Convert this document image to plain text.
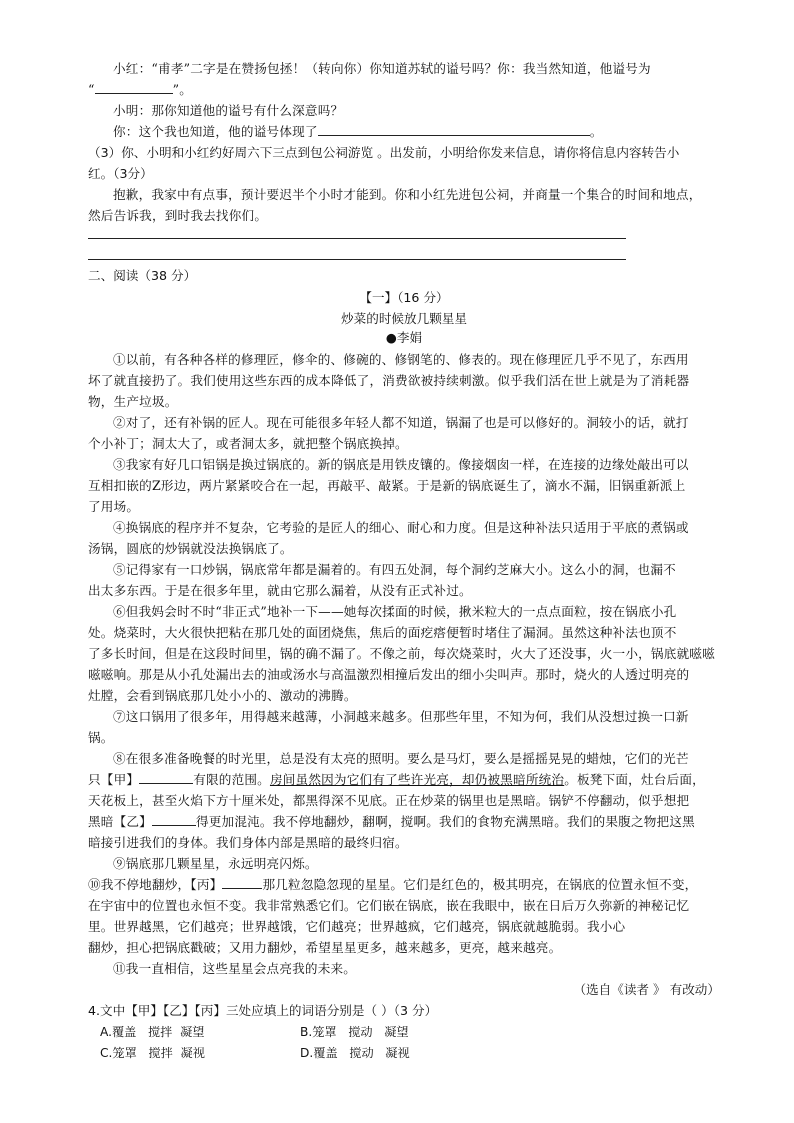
小红：“甫孝”二字是在赞扬包拯！（转向你）你知道苏轼的谥号吗？你：我当然知道，他谥号为
“	”。
小明：那你知道他的谥号有什么深意吗？
你：这个我也知道，他的谥号体现了	。
（3）你、小明和小红约好周六下三点到包公祠游览 。出发前，小明给你发来信息，请你将信息内容转告小
红。（3分）
抱歉，我家中有点事，预计要迟半个小时才能到。你和小红先进包公祠，并商量一个集合的时间和地点，
然后告诉我，到时我去找你们。
二、阅读（38 分）
【一】（16 分）
炒菜的时候放几颗星星
●李娟
①以前，有各种各样的修理匠，修伞的、修碗的、修钢笔的、修表的。现在修理匠几乎不见了，东西用
坏了就直接扔了。我们使用这些东西的成本降低了，消费欲被持续刺激。似乎我们活在世上就是为了消耗器
物，生产垃圾。
②对了，还有补锅的匠人。现在可能很多年轻人都不知道，锅漏了也是可以修好的。洞较小的话，就打
个小补丁；洞太大了，或者洞太多，就把整个锅底换掉。
③我家有好几口铝锅是换过锅底的。新的锅底是用铁皮镶的。像接烟囱一样，在连接的边缘处敲出可以
互相扣嵌的Z形边，两片紧紧咬合在一起，再敲平、敲紧。于是新的锅底诞生了，滴水不漏，旧锅重新派上
了用场。
④换锅底的程序并不复杂，它考验的是匠人的细心、耐心和力度。但是这种补法只适用于平底的煮锅或
汤锅，圆底的炒锅就没法换锅底了。
⑤记得家有一口炒锅，锅底常年都是漏着的。有四五处洞，每个洞约芝麻大小。这么小的洞，也漏不
出太多东西。于是在很多年里，就由它那么漏着，从没有正式补过。
⑥但我妈会时不时“非正式”地补一下——她每次揉面的时候，揪米粒大的一点点面粒，按在锅底小孔
处。烧菜时，大火很快把粘在那几处的面团烧焦，焦后的面疙瘩便暂时堵住了漏洞。虽然这种补法也顶不
了多长时间，但是在这段时间里，锅的确不漏了。不像之前，每次烧菜时，火大了还没事，火一小，锅底就嗞嗞
嗞嗞响。那是从小孔处漏出去的油或汤水与高温激烈相撞后发出的细小尖叫声。那时，烧火的人透过明亮的
灶膛，会看到锅底那几处小小的、激动的沸腾。
⑦这口锅用了很多年，用得越来越薄，小洞越来越多。但那些年里，不知为何，我们从没想过换一口新
锅。
⑧在很多准备晚餐的时光里，总是没有太亮的照明。要么是马灯，要么是摇摇晃晃的蜡烛，它们的光芒
只【甲】	有限的范围。房间虽然因为它们有了些许光亮，却仍被黑暗所统治。板凳下面，灶台后面，
天花板上，甚至火焰下方十厘米处，都黑得深不见底。正在炒菜的锅里也是黑暗。锅铲不停翻动，似乎想把
黑暗【乙】	得更加混沌。我不停地翻炒，翻啊，搅啊。我们的食物充满黑暗。我们的果腹之物把这黑
暗接引进我们的身体。我们身体内部是黑暗的最终归宿。
⑨锅底那几颗星星，永远明亮闪烁。
⑩我不停地翻炒，【丙】	那几粒忽隐忽现的星星。它们是红色的，极其明亮，在锅底的位置永恒不变，
在宇宙中的位置也永恒不变。我非常熟悉它们。它们嵌在锅底，嵌在我眼中，嵌在日后万久弥新的神秘记忆
里。世界越黑，它们越亮；世界越饿，它们越亮；世界越疯，它们越亮，锅底就越脆弱。我小心
翻炒，担心把锅底戳破；又用力翻炒，希望星星更多，越来越多，更亮，越来越亮。
⑪我一直相信，这些星星会点亮我的未来。
（选自《读者 》 有改动）
4.文中【甲】【乙】【丙】三处应填上的词语分别是（ ）（3 分）
A.覆盖   搅拌  凝望	B.笼罩   搅动   凝望
C.笼罩   搅拌  凝视	D.覆盖   搅动   凝视
